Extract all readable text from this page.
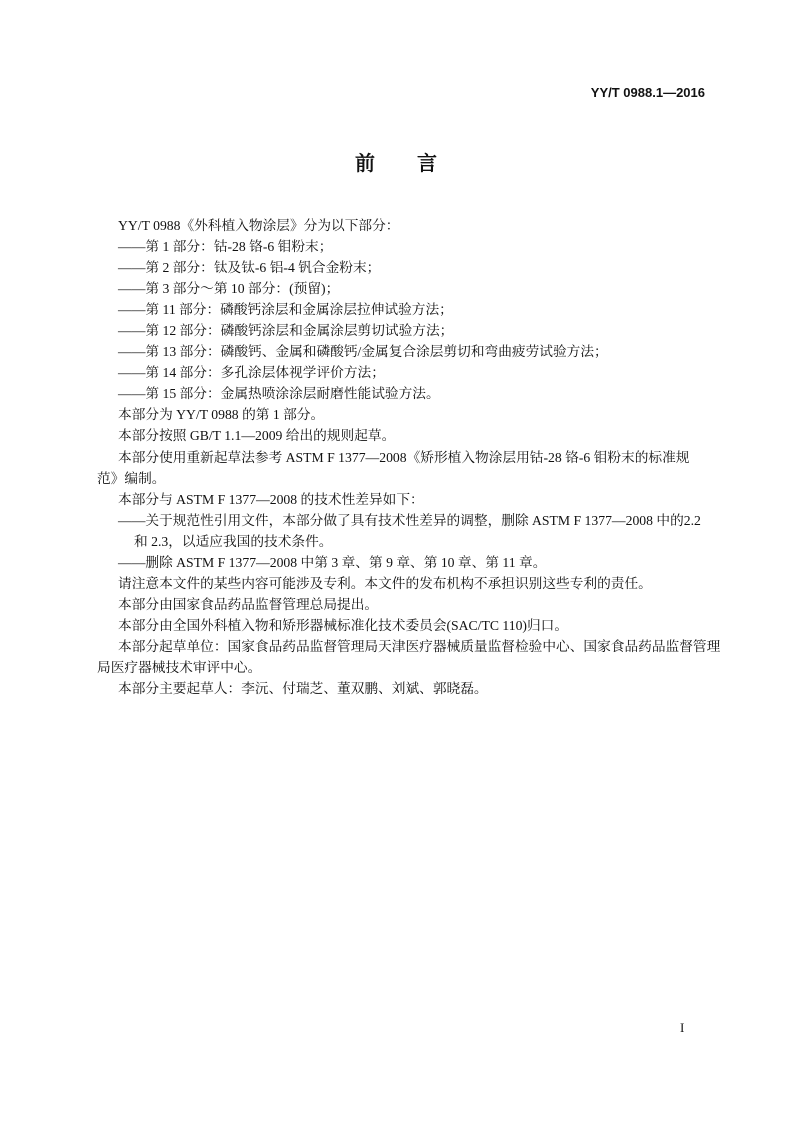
YY/T 0988.1—2016
前言
YY/T 0988《外科植入物涂层》分为以下部分：
——第 1 部分：钴-28 铬-6 钼粉末；
——第 2 部分：钛及钛-6 铝-4 钒合金粉末；
——第 3 部分～第 10 部分：(预留)；
——第 11 部分：磷酸钙涂层和金属涂层拉伸试验方法；
——第 12 部分：磷酸钙涂层和金属涂层剪切试验方法；
——第 13 部分：磷酸钙、金属和磷酸钙/金属复合涂层剪切和弯曲疲劳试验方法；
——第 14 部分：多孔涂层体视学评价方法；
——第 15 部分：金属热喷涂涂层耐磨性能试验方法。
本部分为 YY/T 0988 的第 1 部分。
本部分按照 GB/T 1.1—2009 给出的规则起草。
本部分使用重新起草法参考 ASTM F 1377—2008《矫形植入物涂层用钴-28 铬-6 钼粉末的标准规
范》编制。
本部分与 ASTM F 1377—2008 的技术性差异如下：
——关于规范性引用文件，本部分做了具有技术性差异的调整，删除 ASTM F 1377—2008 中的2.2
和 2.3，以适应我国的技术条件。
——删除 ASTM F 1377—2008 中第 3 章、第 9 章、第 10 章、第 11 章。
请注意本文件的某些内容可能涉及专利。本文件的发布机构不承担识别这些专利的责任。
本部分由国家食品药品监督管理总局提出。
本部分由全国外科植入物和矫形器械标准化技术委员会(SAC/TC 110)归口。
本部分起草单位：国家食品药品监督管理局天津医疗器械质量监督检验中心、国家食品药品监督管理
局医疗器械技术审评中心。
本部分主要起草人：李沅、付瑞芝、董双鹏、刘斌、郭晓磊。
I
